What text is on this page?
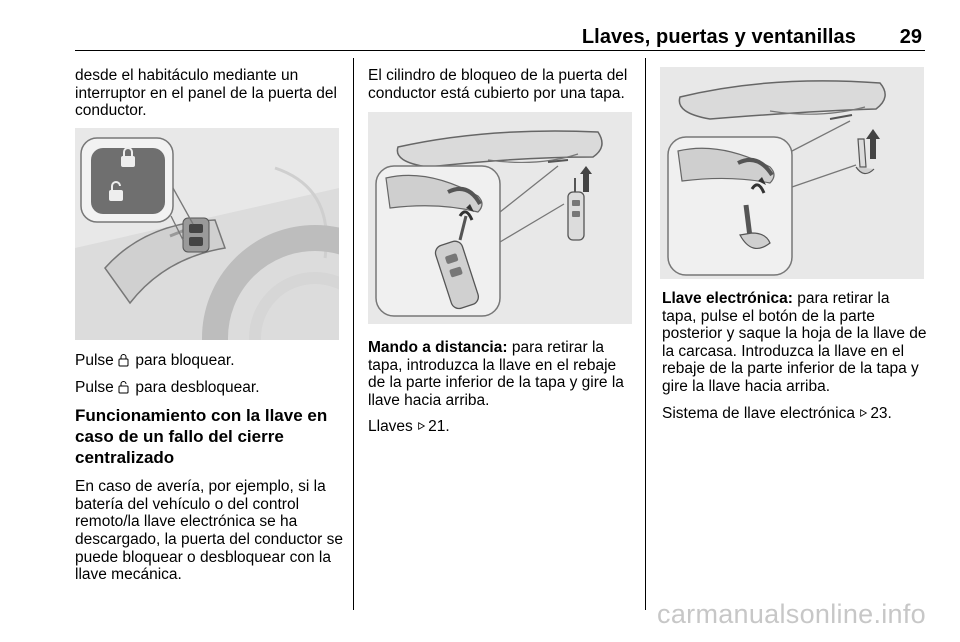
Llaves, puertas y ventanillas 29

desde el habitáculo mediante un interruptor en el panel de la puerta del conductor.

Pulse  para bloquear.

Pulse  para desbloquear.

Funcionamiento con la llave en caso de un fallo del cierre centralizado

En caso de avería, por ejemplo, si la batería del vehículo o del control remoto/la llave electrónica se ha descargado, la puerta del conductor se puede bloquear o desbloquear con la llave mecánica.

El cilindro de bloqueo de la puerta del conductor está cubierto por una tapa.

Mando a distancia: para retirar la tapa, introduzca la llave en el rebaje de la parte inferior de la tapa y gire la llave hacia arriba.

Llaves 21.

Llave electrónica: para retirar la tapa, pulse el botón de la parte posterior y saque la hoja de la llave de la carcasa. Introduzca la llave en el rebaje de la parte inferior de la tapa y gire la llave hacia arriba.

Sistema de llave electrónica 23.

carmanualsonline.info
